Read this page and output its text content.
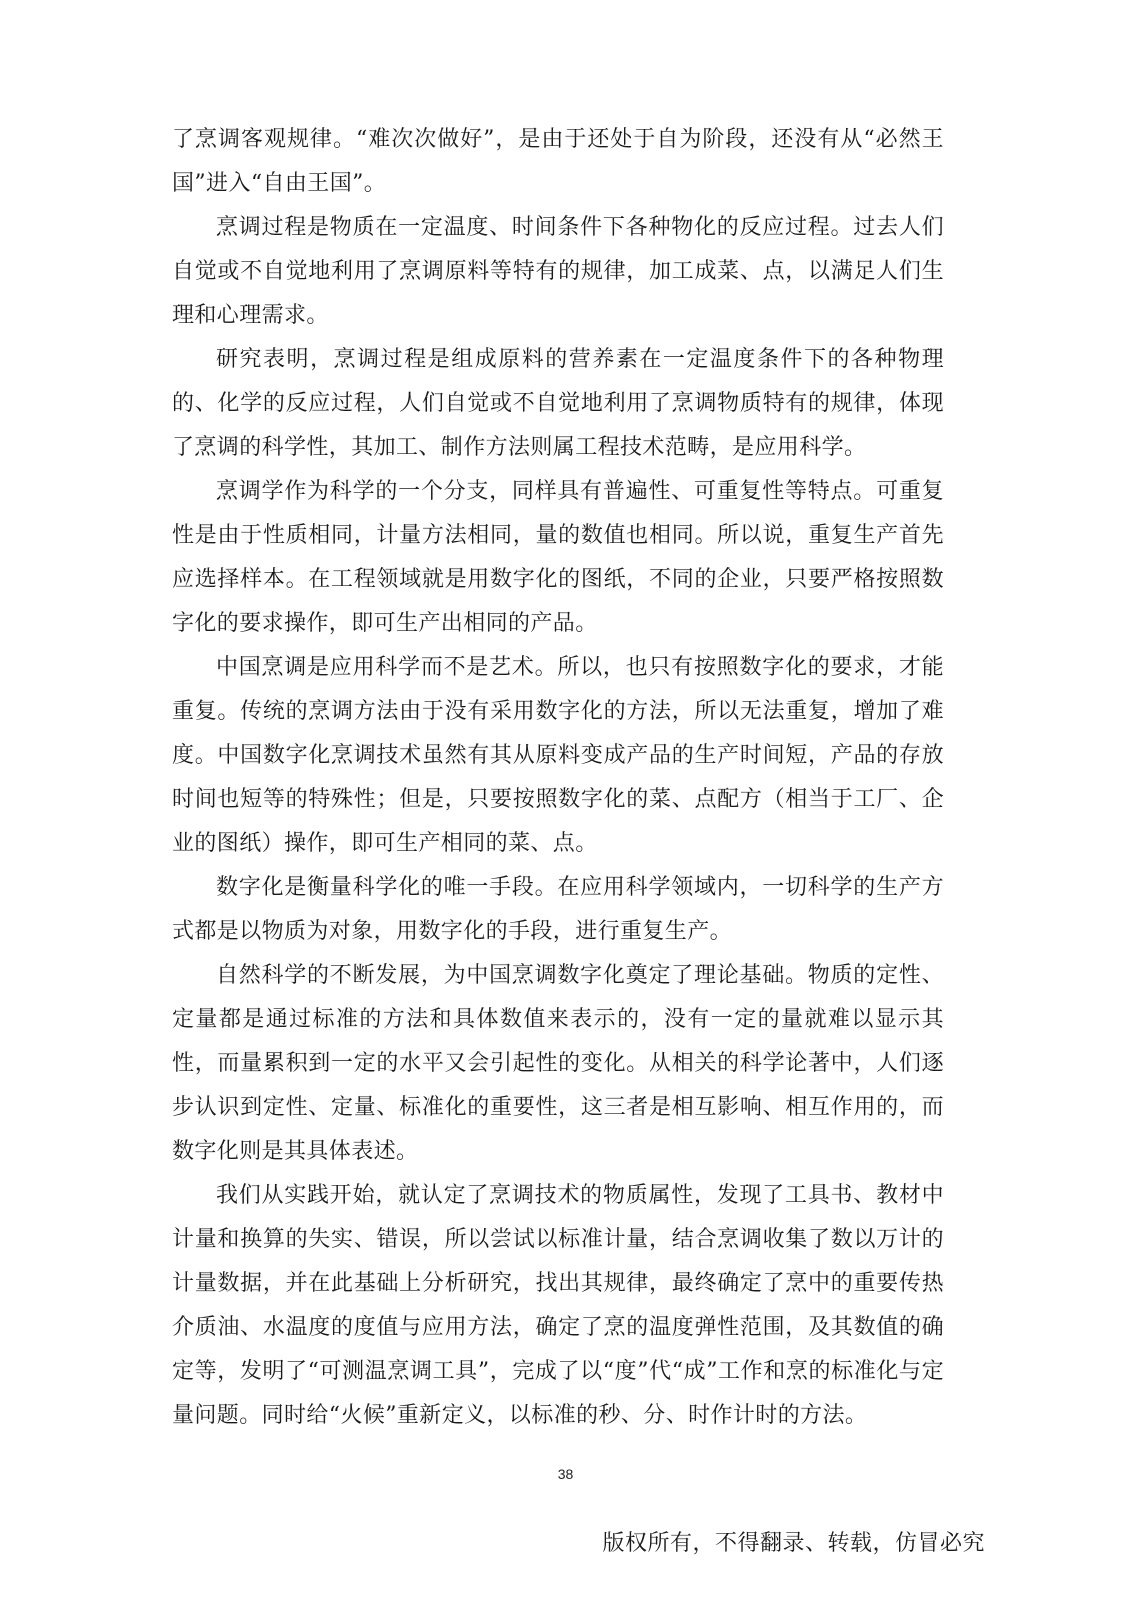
了烹调客观规律。“难次次做好”，是由于还处于自为阶段，还没有从“必然王国”进入“自由王国”。

烹调过程是物质在一定温度、时间条件下各种物化的反应过程。过去人们自觉或不自觉地利用了烹调原料等特有的规律，加工成菜、点，以满足人们生理和心理需求。

研究表明，烹调过程是组成原料的营养素在一定温度条件下的各种物理的、化学的反应过程，人们自觉或不自觉地利用了烹调物质特有的规律，体现了烹调的科学性，其加工、制作方法则属工程技术范畴，是应用科学。

烹调学作为科学的一个分支，同样具有普遍性、可重复性等特点。可重复性是由于性质相同，计量方法相同，量的数值也相同。所以说，重复生产首先应选择样本。在工程领域就是用数字化的图纸，不同的企业，只要严格按照数字化的要求操作，即可生产出相同的产品。

中国烹调是应用科学而不是艺术。所以，也只有按照数字化的要求，才能重复。传统的烹调方法由于没有采用数字化的方法，所以无法重复，增加了难度。中国数字化烹调技术虽然有其从原料变成产品的生产时间短，产品的存放时间也短等的特殊性；但是，只要按照数字化的菜、点配方（相当于工厂、企业的图纸）操作，即可生产相同的菜、点。

数字化是衡量科学化的唯一手段。在应用科学领域内，一切科学的生产方式都是以物质为对象，用数字化的手段，进行重复生产。

自然科学的不断发展，为中国烹调数字化奠定了理论基础。物质的定性、定量都是通过标准的方法和具体数值来表示的，没有一定的量就难以显示其性，而量累积到一定的水平又会引起性的变化。从相关的科学论著中，人们逐步认识到定性、定量、标准化的重要性，这三者是相互影响、相互作用的，而数字化则是其具体表述。

我们从实践开始，就认定了烹调技术的物质属性，发现了工具书、教材中计量和换算的失实、错误，所以尝试以标准计量，结合烹调收集了数以万计的计量数据，并在此基础上分析研究，找出其规律，最终确定了烹中的重要传热介质油、水温度的度值与应用方法，确定了烹的温度弹性范围，及其数值的确定等，发明了“可测温烹调工具”，完成了以“度”代“成”工作和烹的标准化与定量问题。同时给“火候”重新定义，以标准的秒、分、时作计时的方法。

38
版权所有，不得翻录、转载，仿冒必究
